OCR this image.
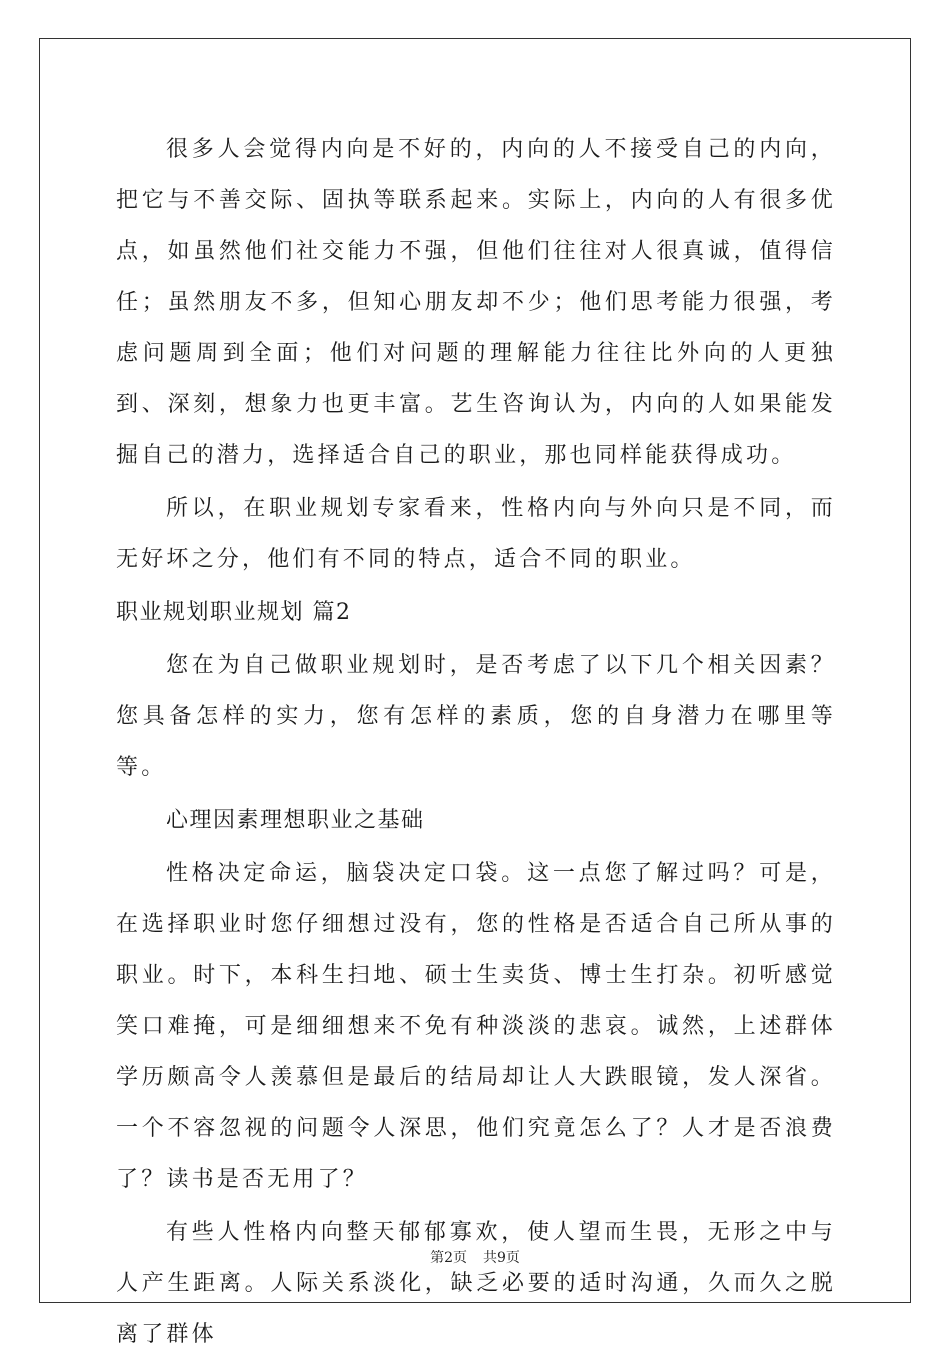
很多人会觉得内向是不好的，内向的人不接受自己的内向，把它与不善交际、固执等联系起来。实际上，内向的人有很多优点，如虽然他们社交能力不强，但他们往往对人很真诚，值得信任；虽然朋友不多，但知心朋友却不少；他们思考能力很强，考虑问题周到全面；他们对问题的理解能力往往比外向的人更独到、深刻，想象力也更丰富。艺生咨询认为，内向的人如果能发掘自己的潜力，选择适合自己的职业，那也同样能获得成功。

所以，在职业规划专家看来，性格内向与外向只是不同，而无好坏之分，他们有不同的特点，适合不同的职业。

职业规划职业规划 篇2

您在为自己做职业规划时，是否考虑了以下几个相关因素？您具备怎样的实力，您有怎样的素质，您的自身潜力在哪里等等。

心理因素理想职业之基础

性格决定命运，脑袋决定口袋。这一点您了解过吗？可是，在选择职业时您仔细想过没有，您的性格是否适合自己所从事的职业。时下，本科生扫地、硕士生卖货、博士生打杂。初听感觉笑口难掩，可是细细想来不免有种淡淡的悲哀。诚然，上述群体学历颇高令人羡慕但是最后的结局却让人大跌眼镜，发人深省。一个不容忽视的问题令人深思，他们究竟怎么了？人才是否浪费了？读书是否无用了？

有些人性格内向整天郁郁寡欢，使人望而生畏，无形之中与人产生距离。人际关系淡化，缺乏必要的适时沟通，久而久之脱离了群体

第2页 共9页
